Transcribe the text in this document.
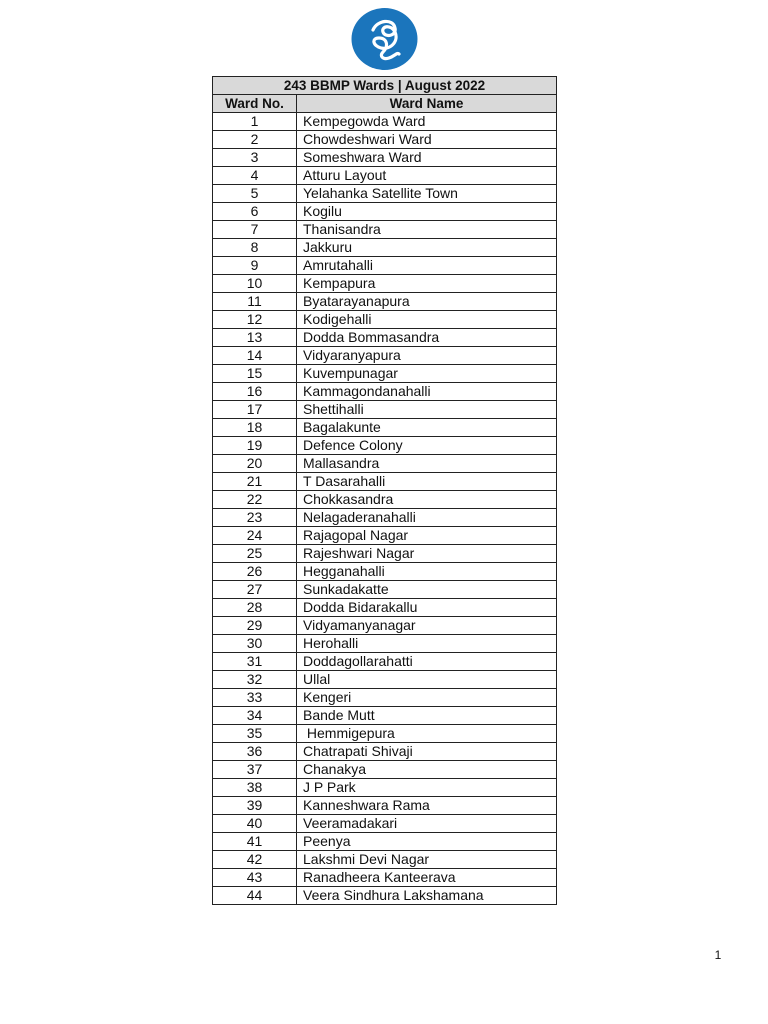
243 BBMP Wards | August 2022	
Ward No.	Ward Name
1	Kempegowda Ward
2	Chowdeshwari Ward
3	Someshwara Ward
4	Atturu Layout
5	Yelahanka Satellite Town
6	Kogilu
7	Thanisandra
8	Jakkuru
9	Amrutahalli
10	Kempapura
11	Byatarayanapura
12	Kodigehalli
13	Dodda Bommasandra
14	Vidyaranyapura
15	Kuvempunagar
16	Kammagondanahalli
17	Shettihalli
18	Bagalakunte
19	Defence Colony
20	Mallasandra
21	T Dasarahalli
22	Chokkasandra
23	Nelagaderanahalli
24	Rajagopal Nagar
25	Rajeshwari Nagar
26	Hegganahalli
27	Sunkadakatte
28	Dodda Bidarakallu
29	Vidyamanyanagar
30	Herohalli
31	Doddagollarahatti
32	Ullal
33	Kengeri
34	Bande Mutt
35	Hemmigepura
36	Chatrapati Shivaji
37	Chanakya
38	J P Park
39	Kanneshwara Rama
40	Veeramadakari
41	Peenya
42	Lakshmi Devi Nagar
43	Ranadheera Kanteerava
44	Veera Sindhura Lakshamana
1
